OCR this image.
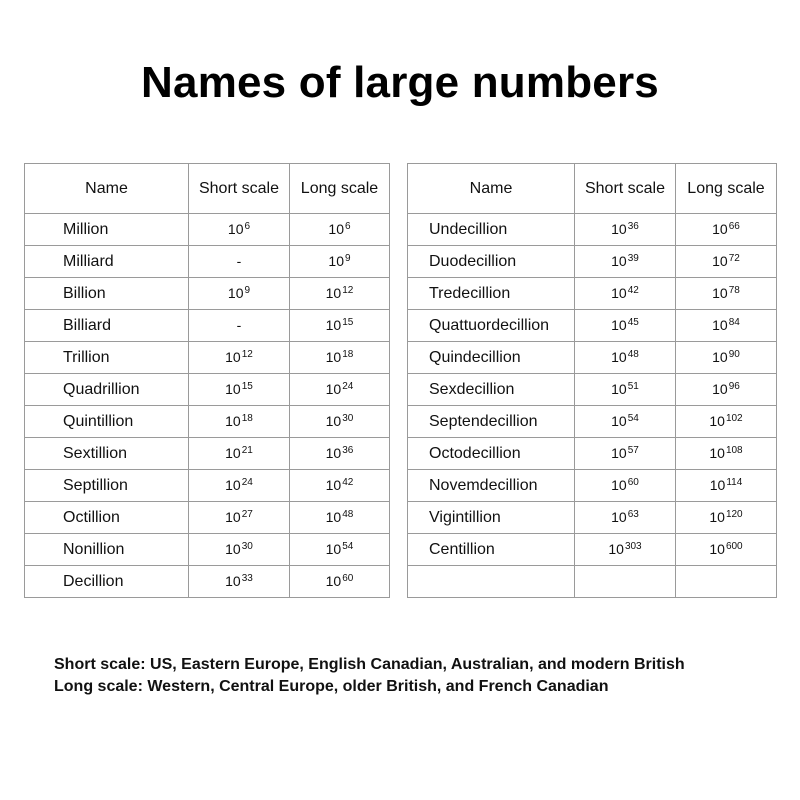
Names of large numbers
Name	Short scale	Long scale
Million	$10^6$	$10^6$
Milliard	-	$10^9$
Billion	$10^9$	$10^{12}$
Billiard	-	$10^{15}$
Trillion	$10^{12}$	$10^{18}$
Quadrillion	$10^{15}$	$10^{24}$
Quintillion	$10^{18}$	$10^{30}$
Sextillion	$10^{21}$	$10^{36}$
Septillion	$10^{24}$	$10^{42}$
Octillion	$10^{27}$	$10^{48}$
Nonillion	$10^{30}$	$10^{54}$
Decillion	$10^{33}$	$10^{60}$
Name	Short scale	Long scale
Undecillion	$10^{36}$	$10^{66}$
Duodecillion	$10^{39}$	$10^{72}$
Tredecillion	$10^{42}$	$10^{78}$
Quattuordecillion	$10^{45}$	$10^{84}$
Quindecillion	$10^{48}$	$10^{90}$
Sexdecillion	$10^{51}$	$10^{96}$
Septendecillion	$10^{54}$	$10^{102}$
Octodecillion	$10^{57}$	$10^{108}$
Novemdecillion	$10^{60}$	$10^{114}$
Vigintillion	$10^{63}$	$10^{120}$
Centillion	$10^{303}$	$10^{600}$

Short scale: US, Eastern Europe, English Canadian, Australian, and modern British
Long scale: Western, Central Europe, older British, and French Canadian
